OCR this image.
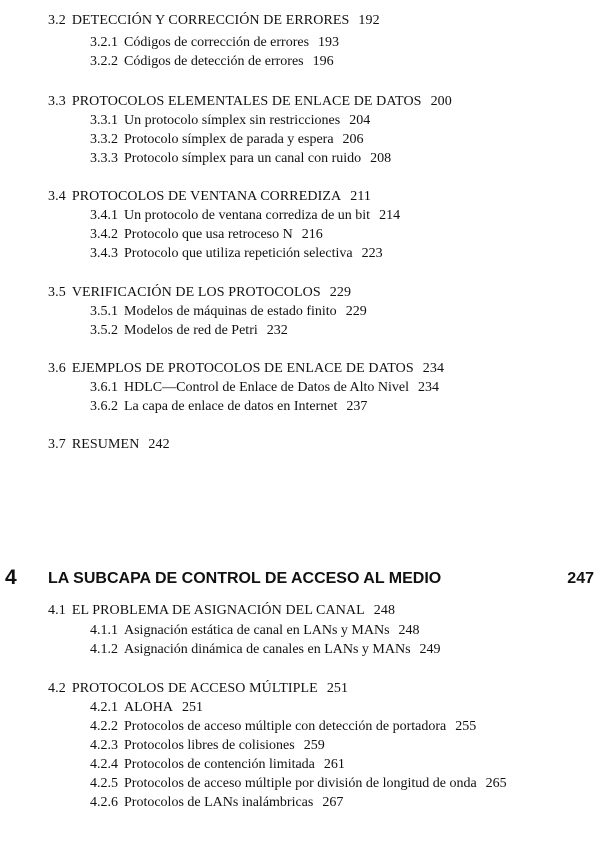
3.2 DETECCIÓN Y CORRECCIÓN DE ERRORES 192
3.2.1 Códigos de corrección de errores 193
3.2.2 Códigos de detección de errores 196
3.3 PROTOCOLOS ELEMENTALES DE ENLACE DE DATOS 200
3.3.1 Un protocolo símplex sin restricciones 204
3.3.2 Protocolo símplex de parada y espera 206
3.3.3 Protocolo símplex para un canal con ruido 208
3.4 PROTOCOLOS DE VENTANA CORREDIZA 211
3.4.1 Un protocolo de ventana corrediza de un bit 214
3.4.2 Protocolo que usa retroceso N 216
3.4.3 Protocolo que utiliza repetición selectiva 223
3.5 VERIFICACIÓN DE LOS PROTOCOLOS 229
3.5.1 Modelos de máquinas de estado finito 229
3.5.2 Modelos de red de Petri 232
3.6 EJEMPLOS DE PROTOCOLOS DE ENLACE DE DATOS 234
3.6.1 HDLC—Control de Enlace de Datos de Alto Nivel 234
3.6.2 La capa de enlace de datos en Internet 237
3.7 RESUMEN 242
4 LA SUBCAPA DE CONTROL DE ACCESO AL MEDIO	247
4.1 EL PROBLEMA DE ASIGNACIÓN DEL CANAL 248
4.1.1 Asignación estática de canal en LANs y MANs 248
4.1.2 Asignación dinámica de canales en LANs y MANs 249
4.2 PROTOCOLOS DE ACCESO MÚLTIPLE 251
4.2.1 ALOHA 251
4.2.2 Protocolos de acceso múltiple con detección de portadora 255
4.2.3 Protocolos libres de colisiones 259
4.2.4 Protocolos de contención limitada 261
4.2.5 Protocolos de acceso múltiple por división de longitud de onda 265
4.2.6 Protocolos de LANs inalámbricas 267
